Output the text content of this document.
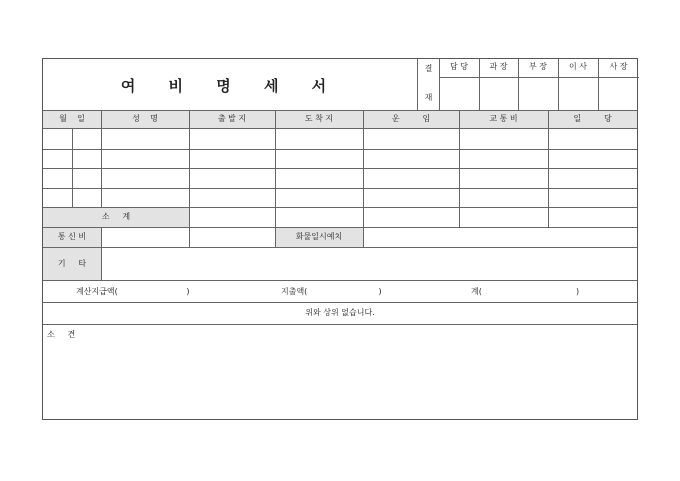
여 비 명 세 서
결
재
담 당	과 장	부 장	이 사	사 장
월    일	성    명	출 발 지	도 착 지	운         임	교 통 비	일         당
소     계
통 신 비	화물일시예치
기     타
계산지급액(                           )	지출액(                            )	계(                                     )
위와 상위 없습니다.
소     견
